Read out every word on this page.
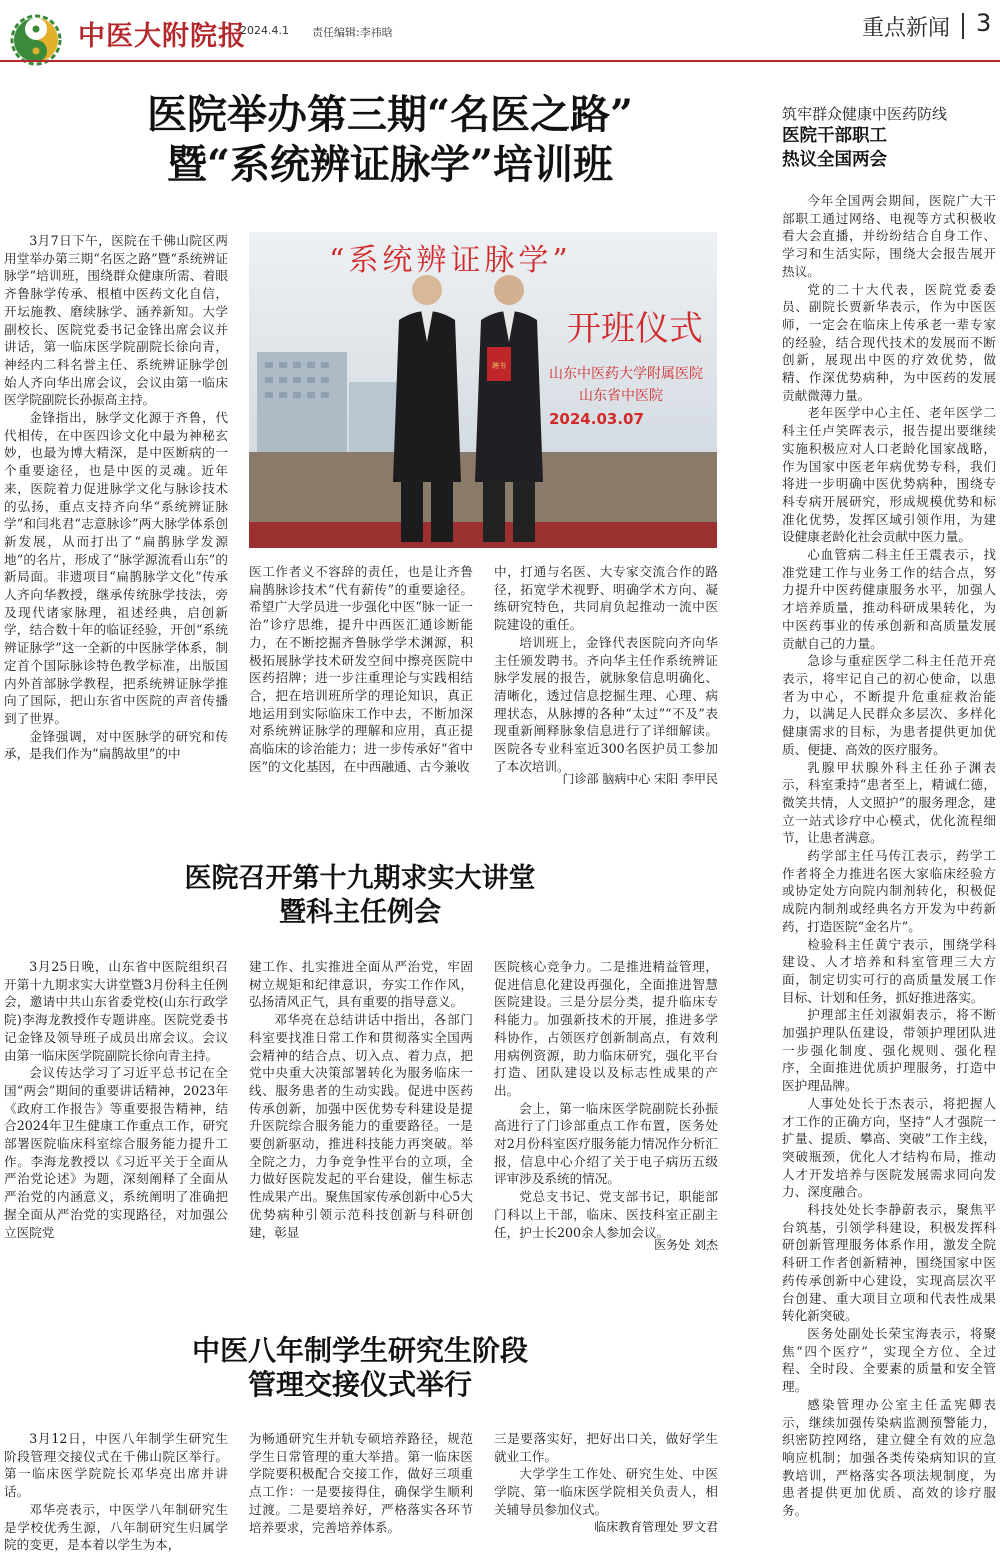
中医大附院报
2024.4.1 责任编辑:李祎晗	重点新闻 3
医院举办第三期“名医之路”
暨“系统辨证脉学”培训班

3月7日下午，医院在千佛山院区两用堂举办第三期“名医之路”暨“系统辨证脉学”培训班，围绕群众健康所需、着眼齐鲁脉学传承、根植中医药文化自信，开坛施教、磨续脉学、涵养新知。大学副校长、医院党委书记金锋出席会议并讲话，第一临床医学院副院长徐向青，神经内二科名誉主任、系统辨证脉学创始人齐向华出席会议，会议由第一临床医学院副院长孙振高主持。

金锋指出，脉学文化源于齐鲁，代代相传，在中医四诊文化中最为神秘玄妙，也最为博大精深，是中医断病的一个重要途径，也是中医的灵魂。近年来，医院着力促进脉学文化与脉诊技术的弘扬，重点支持齐向华“系统辨证脉学”和闫兆君“志意脉诊”两大脉学体系创新发展，从而打出了“扁鹊脉学发源地”的名片，形成了“脉学源流看山东”的新局面。非遗项目“扁鹊脉学文化”传承人齐向华教授，继承传统脉学技法，旁及现代诸家脉理，祖述经典，启创新学，结合数十年的临证经验，开创“系统辨证脉学”这一全新的中医脉学体系，制定首个国际脉诊特色教学标准，出版国内外首部脉学教程，把系统辨证脉学推向了国际，把山东省中医院的声音传播到了世界。

金锋强调，对中医脉学的研究和传承，是我们作为“扁鹊故里”的中

聘书
“系统辨证脉学”
开班仪式
山东中医药大学附属医院
山东省中医院
2024.03.07

医工作者义不容辞的责任，也是让齐鲁扁鹊脉诊技术“代有薪传”的重要途径。希望广大学员进一步强化中医“脉一证一治”诊疗思维，提升中西医汇通诊断能力，在不断挖掘齐鲁脉学学术渊源，积极拓展脉学技术研发空间中擦亮医院中医药招牌；进一步注重理论与实践相结合，把在培训班所学的理论知识，真正地运用到实际临床工作中去，不断加深对系统辨证脉学的理解和应用，真正提高临床的诊治能力；进一步传承好“省中医”的文化基因，在中西融通、古今兼收

中，打通与名医、大专家交流合作的路径，拓宽学术视野、明确学术方向、凝练研究特色，共同肩负起推动一流中医院建设的重任。

培训班上，金锋代表医院向齐向华主任颁发聘书。齐向华主任作系统辨证脉学发展的报告，就脉象信息明确化、清晰化，透过信息挖掘生理、心理、病理状态，从脉搏的各种“太过”“不及”表现重新阐释脉象信息进行了详细解读。医院各专业科室近300名医护员工参加了本次培训。

门诊部 脑病中心 宋阳 李甲民
医院召开第十九期求实大讲堂
暨科主任例会

3月25日晚，山东省中医院组织召开第十九期求实大讲堂暨3月份科主任例会，邀请中共山东省委党校(山东行政学院)李海龙教授作专题讲座。医院党委书记金锋及领导班子成员出席会议。会议由第一临床医学院副院长徐向青主持。

会议传达学习了习近平总书记在全国“两会”期间的重要讲话精神，2023年《政府工作报告》等重要报告精神，结合2024年卫生健康工作重点工作，研究部署医院临床科室综合服务能力提升工作。李海龙教授以《习近平关于全面从严治党论述》为题，深刻阐释了全面从严治党的内涵意义，系统阐明了准确把握全面从严治党的实现路径，对加强公立医院党

建工作、扎实推进全面从严治党，牢固树立规矩和纪律意识，夯实工作作风，弘扬清风正气，具有重要的指导意义。

邓华亮在总结讲话中指出，各部门科室要找准日常工作和贯彻落实全国两会精神的结合点、切入点、着力点，把党中央重大决策部署转化为服务临床一线、服务患者的生动实践。促进中医药传承创新，加强中医优势专科建设是提升医院综合服务能力的重要路径。一是要创新驱动，推进科技能力再突破。举全院之力，力争竞争性平台的立项，全力做好医院发起的平台建设，催生标志性成果产出。聚焦国家传承创新中心5大优势病种引领示范科技创新与科研创建，彰显

医院核心竞争力。二是推进精益管理，促进信息化建设再强化，全面推进智慧医院建设。三是分层分类，提升临床专科能力。加强新技术的开展，推进多学科协作，占领医疗创新制高点，有效利用病例资源，助力临床研究，强化平台打造、团队建设以及标志性成果的产出。

会上，第一临床医学院副院长孙振高进行了门诊部重点工作布置，医务处对2月份科室医疗服务能力情况作分析汇报，信息中心介绍了关于电子病历五级评审涉及系统的情况。

党总支书记、党支部书记，职能部门科以上干部，临床、医技科室正副主任，护士长200余人参加会议。

医务处 刘杰
中医八年制学生研究生阶段
管理交接仪式举行

3月12日，中医八年制学生研究生阶段管理交接仪式在千佛山院区举行。第一临床医学院院长邓华亮出席并讲话。

邓华亮表示，中医学八年制研究生是学校优秀生源，八年制研究生归属学院的变更，是本着以学生为本，

为畅通研究生并轨专硕培养路径，规范学生日常管理的重大举措。第一临床医学院要积极配合交接工作，做好三项重点工作：一是要接得住，确保学生顺利过渡。二是要培养好，严格落实各环节培养要求，完善培养体系。

三是要落实好，把好出口关，做好学生就业工作。

大学学生工作处、研究生处、中医学院、第一临床医学院相关负责人，相关辅导员参加仪式。

临床教育管理处 罗文君
筑牢群众健康中医药防线
医院干部职工
热议全国两会

今年全国两会期间，医院广大干部职工通过网络、电视等方式积极收看大会直播，并纷纷结合自身工作、学习和生活实际，围绕大会报告展开热议。

党的二十大代表，医院党委委员、副院长贾新华表示，作为中医医师，一定会在临床上传承老一辈专家的经验，结合现代技术的发展而不断创新，展现出中医的疗效优势，做精、作深优势病种，为中医药的发展贡献微薄力量。

老年医学中心主任、老年医学二科主任卢笑晖表示，报告提出要继续实施积极应对人口老龄化国家战略，作为国家中医老年病优势专科，我们将进一步明确中医优势病种，围绕专科专病开展研究，形成规模优势和标准化优势，发挥区域引领作用，为建设健康老龄化社会贡献中医力量。

心血管病二科主任王震表示，找准党建工作与业务工作的结合点，努力提升中医药健康服务水平，加强人才培养质量，推动科研成果转化，为中医药事业的传承创新和高质量发展贡献自己的力量。

急诊与重症医学二科主任范开亮表示，将牢记自己的初心使命，以患者为中心，不断提升危重症救治能力，以满足人民群众多层次、多样化健康需求的目标，为患者提供更加优质、便捷、高效的医疗服务。

乳腺甲状腺外科主任孙子渊表示，科室秉持“患者至上，精诚仁德，微笑共情，人文照护”的服务理念，建立一站式诊疗中心模式，优化流程细节，让患者满意。

药学部主任马传江表示，药学工作者将全力推进名医大家临床经验方或协定处方向院内制剂转化，积极促成院内制剂或经典名方开发为中药新药，打造医院“金名片”。

检验科主任黄宁表示，围绕学科建设、人才培养和科室管理三大方面，制定切实可行的高质量发展工作目标、计划和任务，抓好推进落实。

护理部主任刘淑娟表示，将不断加强护理队伍建设，带领护理团队进一步强化制度、强化规则、强化程序，全面推进优质护理服务，打造中医护理品牌。

人事处处长于杰表示，将把握人才工作的正确方向，坚持“人才强院一扩量、提质、攀高、突破”工作主线，突破瓶颈，优化人才结构布局，推动人才开发培养与医院发展需求同向发力、深度融合。

科技处处长李静蔚表示，聚焦平台筑基，引领学科建设，积极发挥科研创新管理服务体系作用，激发全院科研工作者创新精神，围绕国家中医药传承创新中心建设，实现高层次平台创建、重大项目立项和代表性成果转化新突破。

医务处副处长荣宝海表示，将聚焦“四个医疗”，实现全方位、全过程、全时段、全要素的质量和安全管理。

感染管理办公室主任孟宪卿表示，继续加强传染病监测预警能力，织密防控网络，建立健全有效的应急响应机制；加强各类传染病知识的宣教培训，严格落实各项法规制度，为患者提供更加优质、高效的诊疗服务。
